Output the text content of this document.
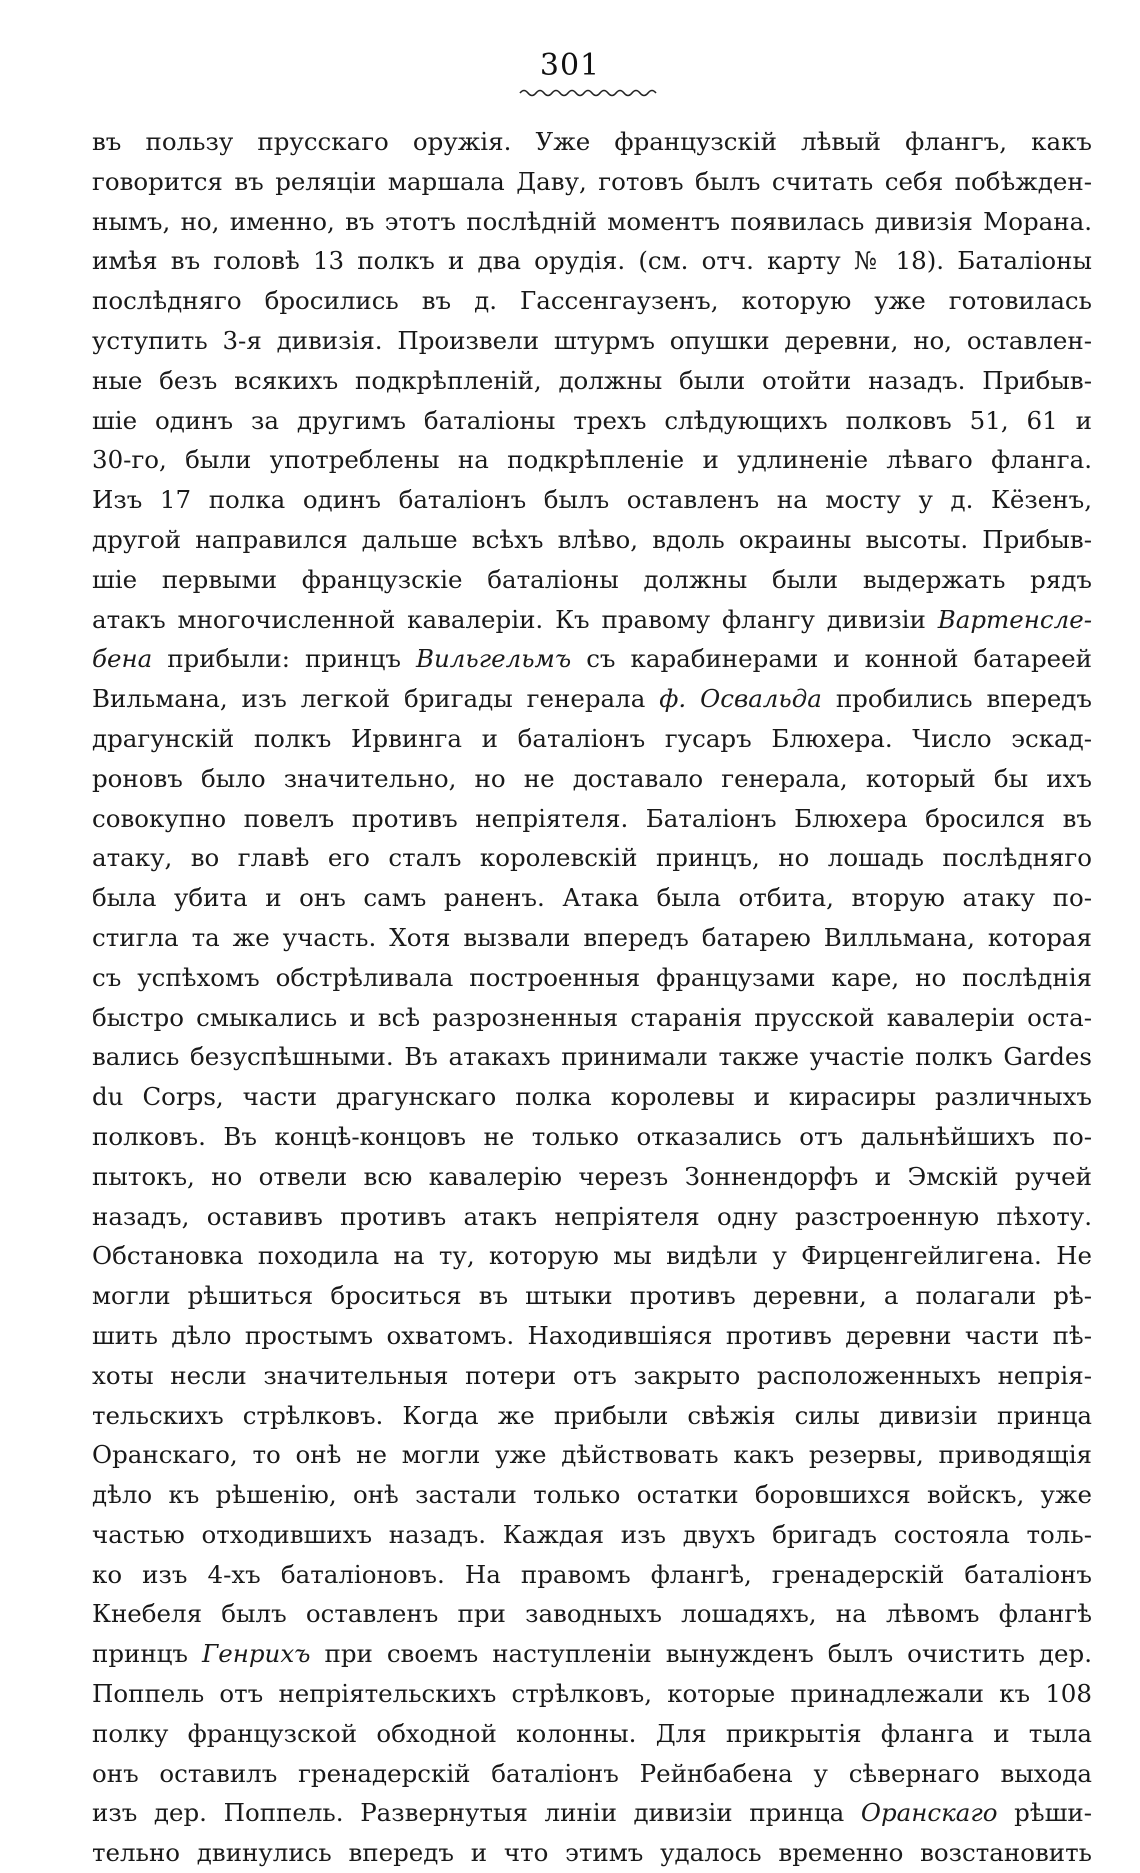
301
въ пользу прусскаго оружія. Уже французскій лѣвый флангъ, какъ
говорится въ реляціи маршала Даву, готовъ былъ считать себя побѣжден-
нымъ, но, именно, въ этотъ послѣдній моментъ появилась дивизія Морана.
имѣя въ головѣ 13 полкъ и два орудія. (см. отч. карту № 18). Баталіоны
послѣдняго бросились въ д. Гассенгаузенъ, которую уже готовилась
уступить 3-я дивизія. Произвели штурмъ опушки деревни, но, оставлен-
ные безъ всякихъ подкрѣпленій, должны были отойти назадъ. Прибыв-
шіе одинъ за другимъ баталіоны трехъ слѣдующихъ полковъ 51, 61 и
30-го, были употреблены на подкрѣпленіе и удлиненіе лѣваго фланга.
Изъ 17 полка одинъ баталіонъ былъ оставленъ на мосту у д. Кёзенъ,
другой направился дальше всѣхъ влѣво, вдоль окраины высоты. Прибыв-
шіе первыми французскіе баталіоны должны были выдержать рядъ
атакъ многочисленной кавалеріи. Къ правому флангу дивизіи Вартенсле-
бена прибыли: принцъ Вильгельмъ съ карабинерами и конной батареей
Вильмана, изъ легкой бригады генерала ф. Освальда пробились впередъ
драгунскій полкъ Ирвинга и баталіонъ гусаръ Блюхера. Число эскад-
роновъ было значительно, но не доставало генерала, который бы ихъ
совокупно повелъ противъ непріятеля. Баталіонъ Блюхера бросился въ
атаку, во главѣ его сталъ королевскій принцъ, но лошадь послѣдняго
была убита и онъ самъ раненъ. Атака была отбита, вторую атаку по-
стигла та же участь. Хотя вызвали впередъ батарею Вилльмана, которая
съ успѣхомъ обстрѣливала построенныя французами каре, но послѣднія
быстро смыкались и всѣ разрозненныя старанія прусской кавалеріи оста-
вались безуспѣшными. Въ атакахъ принимали также участіе полкъ Gardes
du Corps, части драгунскаго полка королевы и кирасиры различныхъ
полковъ. Въ концѣ-концовъ не только отказались отъ дальнѣйшихъ по-
пытокъ, но отвели всю кавалерію черезъ Зоннендорфъ и Эмскій ручей
назадъ, оставивъ противъ атакъ непріятеля одну разстроенную пѣхоту.
Обстановка походила на ту, которую мы видѣли у Фирценгейлигена. Не
могли рѣшиться броситься въ штыки противъ деревни, а полагали рѣ-
шить дѣло простымъ охватомъ. Находившіяся противъ деревни части пѣ-
хоты несли значительныя потери отъ закрыто расположенныхъ непрія-
тельскихъ стрѣлковъ. Когда же прибыли свѣжія силы дивизіи принца
Оранскаго, то онѣ не могли уже дѣйствовать какъ резервы, приводящія
дѣло къ рѣшенію, онѣ застали только остатки боровшихся войскъ, уже
частью отходившихъ назадъ. Каждая изъ двухъ бригадъ состояла толь-
ко изъ 4-хъ баталіоновъ. На правомъ флангѣ, гренадерскій баталіонъ
Кнебеля былъ оставленъ при заводныхъ лошадяхъ, на лѣвомъ флангѣ
принцъ Генрихъ при своемъ наступленіи вынужденъ былъ очистить дер.
Поппель отъ непріятельскихъ стрѣлковъ, которые принадлежали къ 108
полку французской обходной колонны. Для прикрытія фланга и тыла
онъ оставилъ гренадерскій баталіонъ Рейнбабена у сѣвернаго выхода
изъ дер. Поппель. Развернутыя линіи дивизіи принца Оранскаго рѣши-
тельно двинулись впередъ и что этимъ удалось временно возстановить
